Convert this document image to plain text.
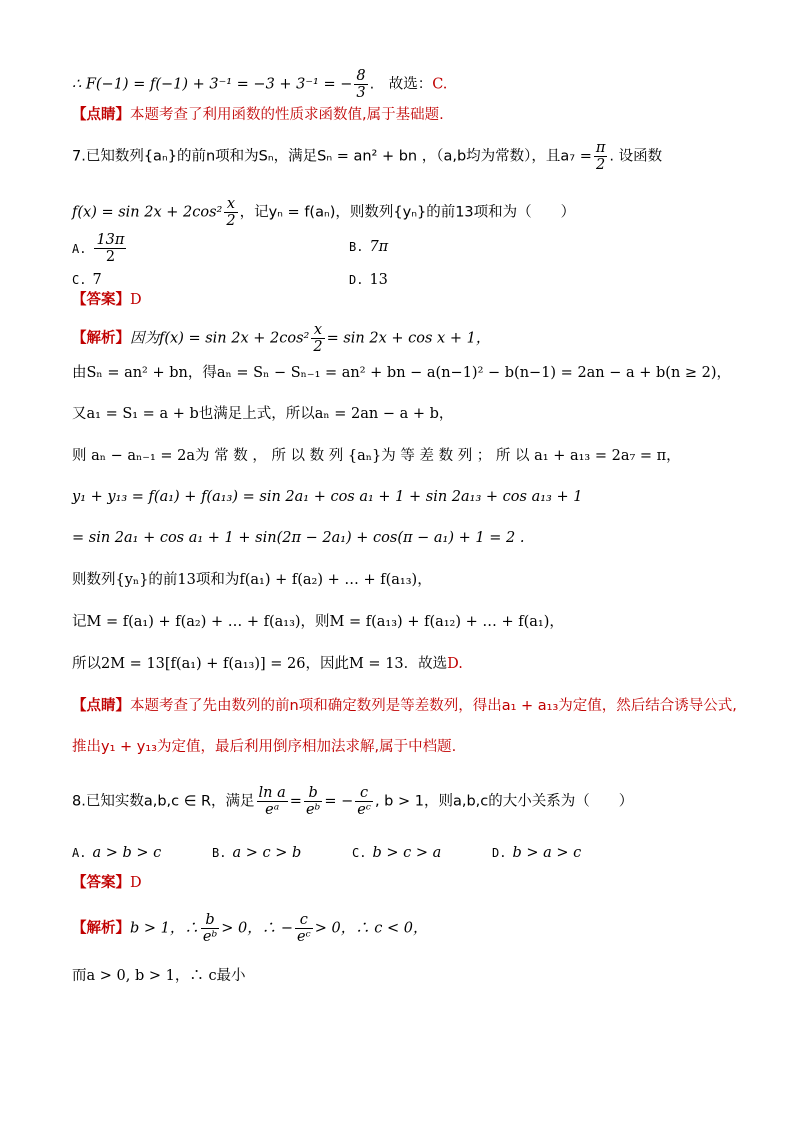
∴ F(−1) = f(−1) + 3⁻¹ = −3 + 3⁻¹ = − $\frac{8}{3}$ .　故选：C.
【点睛】本题考查了利用函数的性质求函数值,属于基础题.
7.已知数列{aₙ}的前n项和为Sₙ，满足Sₙ = an² + bn ，（a,b均为常数），且$a_7 = \frac{\pi}{2}$ . 设函数
$f(x) = \sin 2x + 2\cos^2 \frac{x}{2}$ ，记yₙ = f(aₙ)，则数列{yₙ}的前13项和为（　　）
A. $\frac{13\pi}{2}$	B. 7π
C. 7	D. 13
【答案】D
【解析】因为$f(x) = \sin 2x + 2\cos^2 \frac{x}{2} = \sin 2x + \cos x + 1$，
由Sₙ = an² + bn，得aₙ = Sₙ − Sₙ₋₁ = an² + bn − a(n−1)² − b(n−1) = 2an − a + b(n ≥ 2)，
又a₁ = S₁ = a + b也满足上式，所以aₙ = 2an − a + b，
则 aₙ − aₙ₋₁ = 2a为 常 数 ， 所 以 数 列 {aₙ}为 等 差 数 列 ； 所 以 a₁ + a₁₃ = 2a₇ = π，
y₁ + y₁₃ = f(a₁) + f(a₁₃) = sin 2a₁ + cos a₁ + 1 + sin 2a₁₃ + cos a₁₃ + 1
= sin 2a₁ + cos a₁ + 1 + sin(2π − 2a₁) + cos(π − a₁) + 1 = 2 .
则数列{yₙ}的前13项和为f(a₁) + f(a₂) + … + f(a₁₃)，
记M = f(a₁) + f(a₂) + … + f(a₁₃)，则M = f(a₁₃) + f(a₁₂) + … + f(a₁)，
所以2M = 13[f(a₁) + f(a₁₃)] = 26，因此M = 13．故选D.
【点睛】本题考查了先由数列的前n项和确定数列是等差数列，得出a₁ + a₁₃为定值，然后结合诱导公式,
推出y₁ + y₁₃为定值，最后利用倒序相加法求解,属于中档题.
8.已知实数a,b,c ∈ R，满足 $\frac{\text{ln a}}{\text{eᵃ}} = \frac{b}{\text{eᵇ}}$ = − $\frac{c}{\text{eᶜ}}$ , b > 1，则a,b,c的大小关系为（　　）
A. a > b > c	B. a > c > b	C. b > c > a	D. b > a > c
【答案】D
【解析】b > 1，∴ $\frac{b}{\text{eᵇ}} > 0$，∴ − $\frac{c}{\text{eᶜ}} > 0$，∴ c < 0，
而a > 0, b > 1，∴ c最小
